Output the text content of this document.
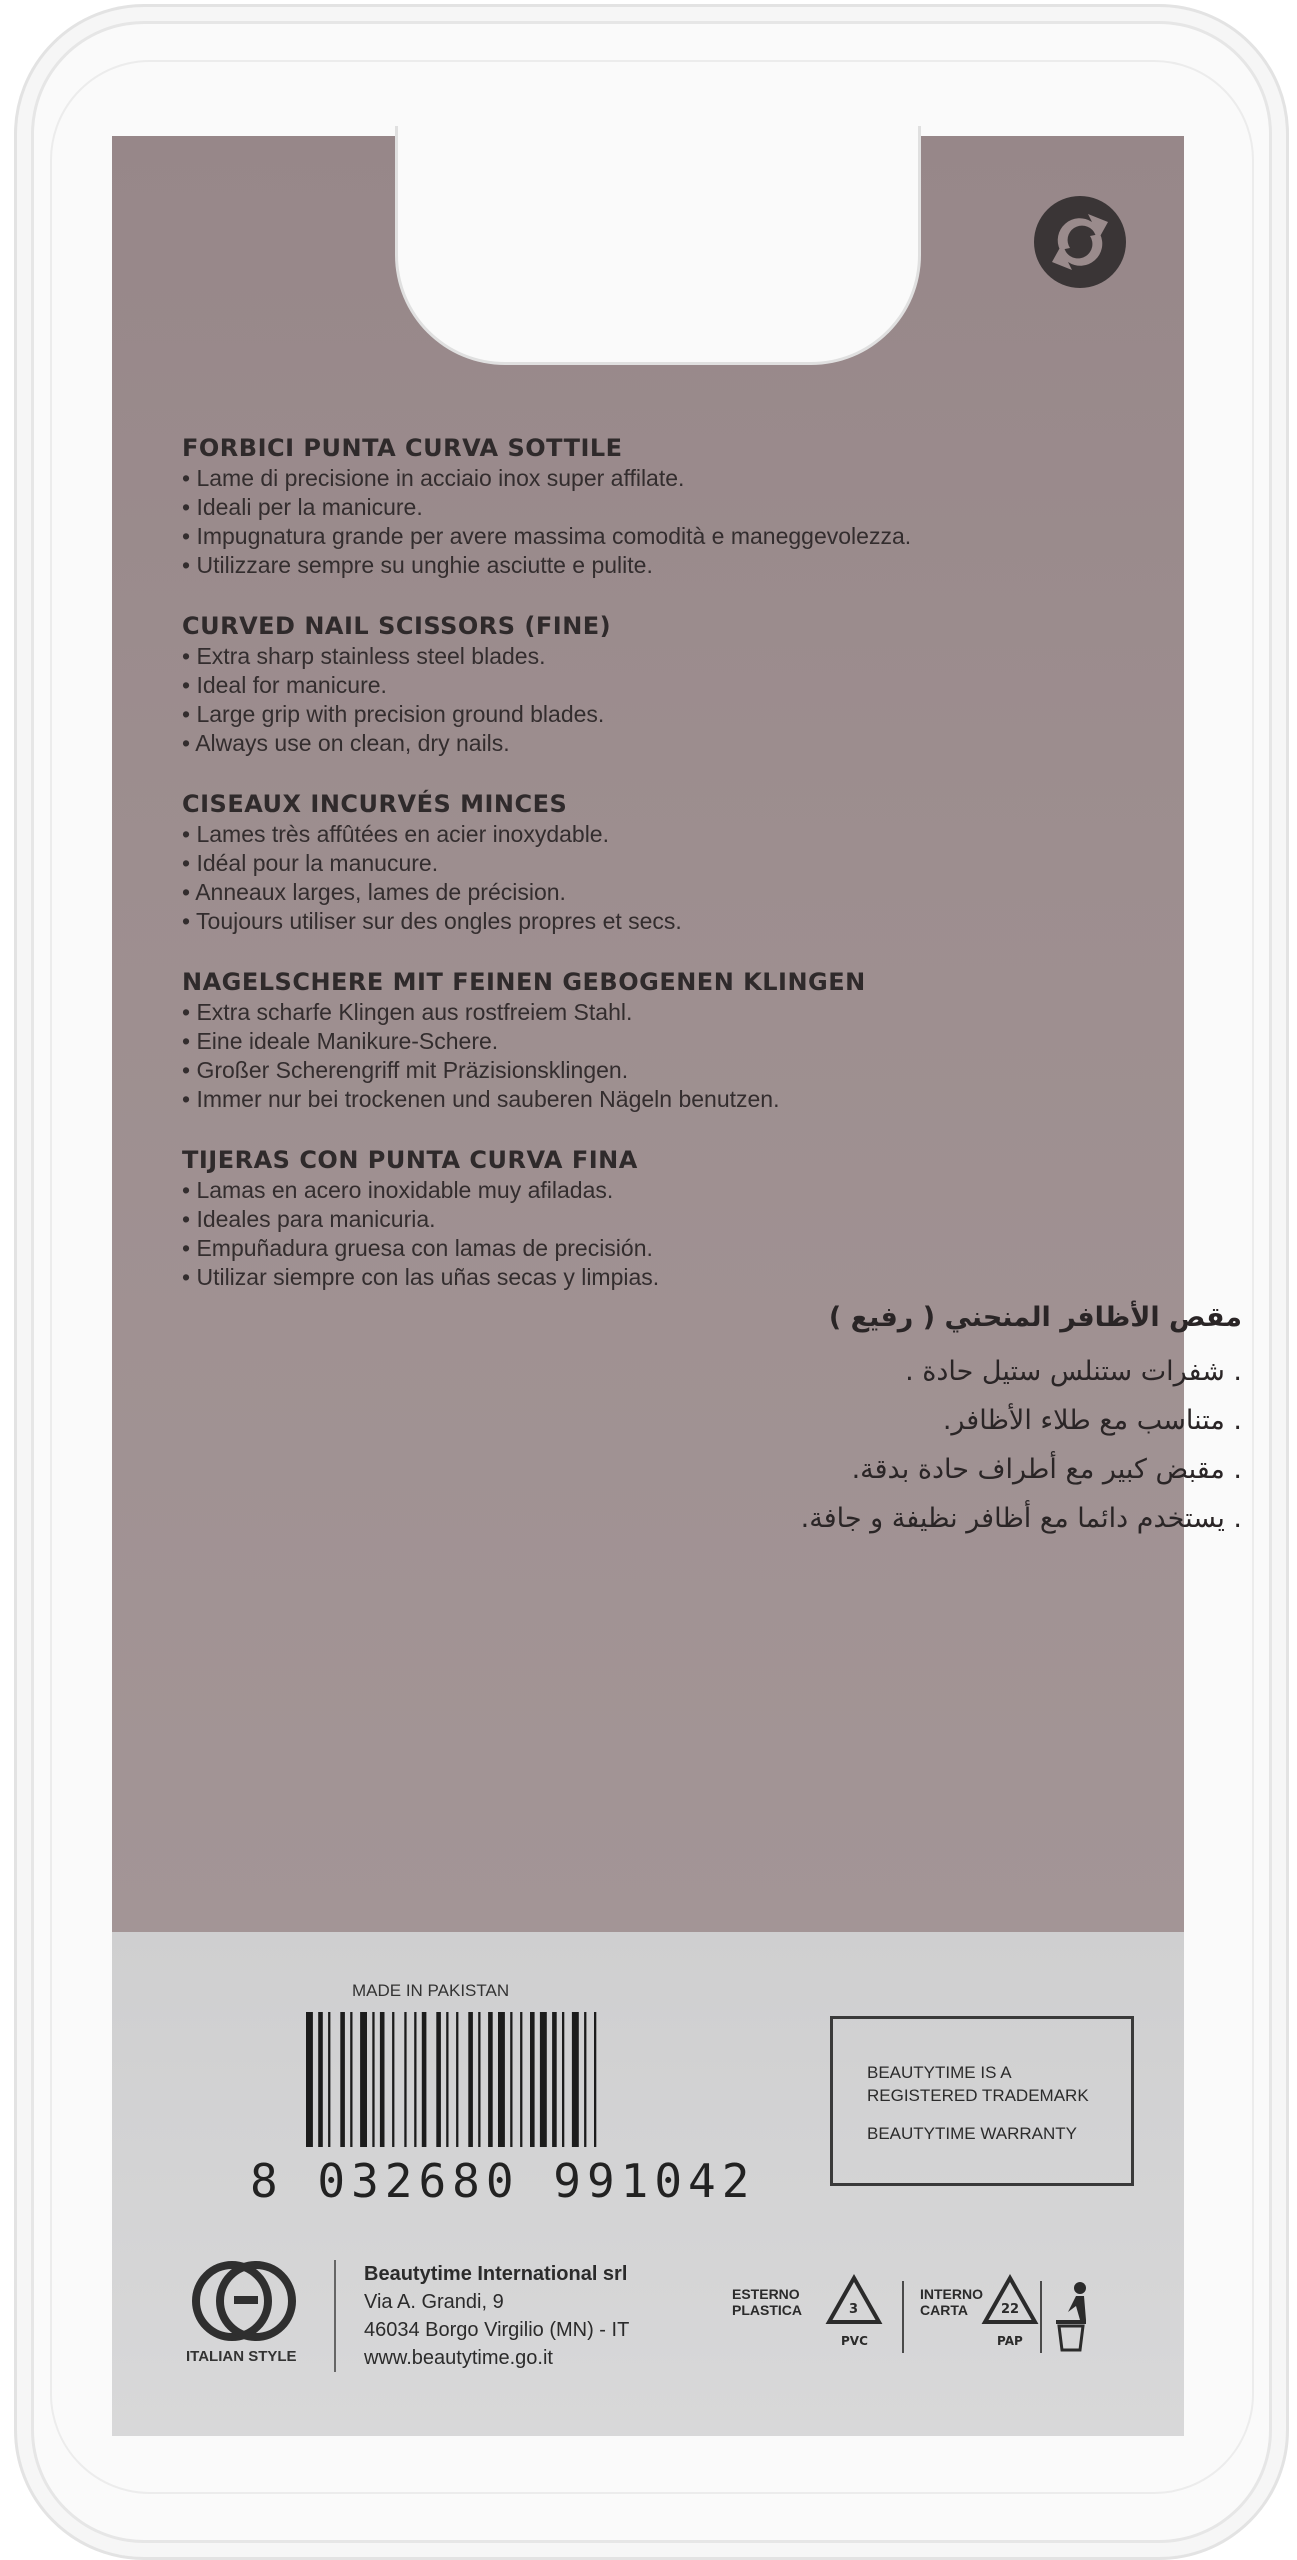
FORBICI PUNTA CURVA SOTTILE
• Lame di precisione in acciaio inox super affilate.
• Ideali per la manicure.
• Impugnatura grande per avere massima comodità e maneggevolezza.
• Utilizzare sempre su unghie asciutte e pulite.
CURVED NAIL SCISSORS (FINE)
• Extra sharp stainless steel blades.
• Ideal for manicure.
• Large grip with precision ground blades.
• Always use on clean, dry nails.
CISEAUX INCURVÉS MINCES
• Lames très affûtées en acier inoxydable.
• Idéal pour la manucure.
• Anneaux larges, lames de précision.
• Toujours utiliser sur des ongles propres et secs.
NAGELSCHERE MIT FEINEN GEBOGENEN KLINGEN
• Extra scharfe Klingen aus rostfreiem Stahl.
• Eine ideale Manikure-Schere.
• Großer Scherengriff mit Präzisionsklingen.
• Immer nur bei trockenen und sauberen Nägeln benutzen.
TIJERAS CON PUNTA CURVA FINA
• Lamas en acero inoxidable muy afiladas.
• Ideales para manicuria.
• Empuñadura gruesa con lamas de precisión.
• Utilizar siempre con las uñas secas y limpias.
مقص الأظافر المنحني ( رفيع )
. شفرات ستنلس ستيل حادة .
. متناسب مع طلاء الأظافر.
. مقبض كبير مع أطراف حادة بدقة.
. يستخدم دائما مع أظافر نظيفة و جافة.
MADE IN PAKISTAN
8 032680 991042
BEAUTYTIME IS A
REGISTERED TRADEMARK
BEAUTYTIME WARRANTY
ITALIAN STYLE
Beautytime International srl
Via A. Grandi, 9
46034 Borgo Virgilio (MN) - IT
www.beautytime.go.it
ESTERNO
PLASTICA	3
PVC
INTERNO
CARTA	22
PAP
